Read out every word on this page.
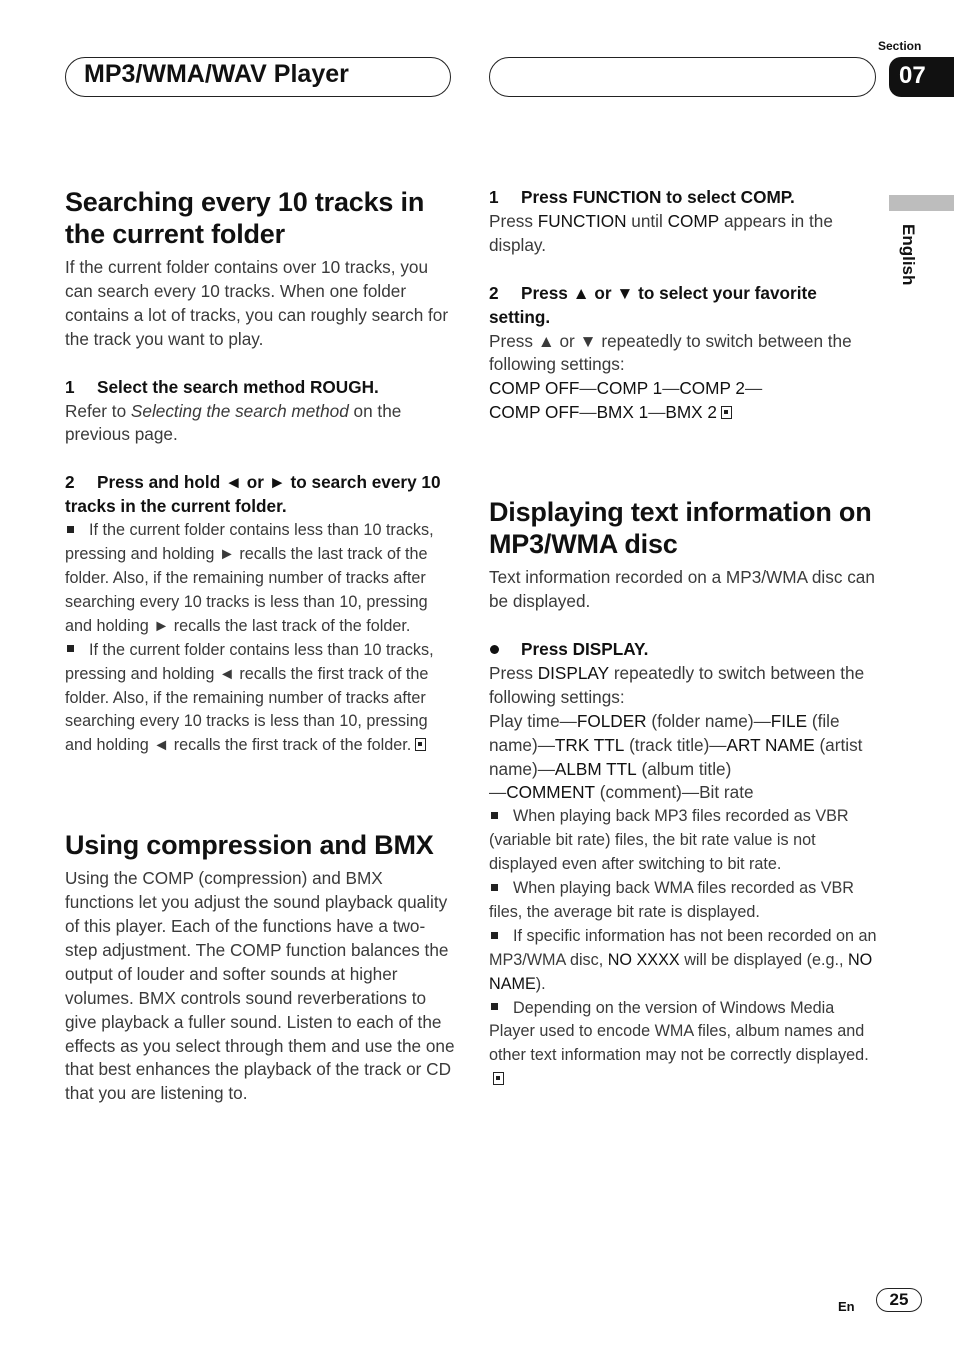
MP3/WMA/WAV Player
Section
07
English
Searching every 10 tracks in the current folder

If the current folder contains over 10 tracks, you can search every 10 tracks. When one folder contains a lot of tracks, you can roughly search for the track you want to play.

1 Select the search method ROUGH.

Refer to Selecting the search method on the previous page.

2 Press and hold ◄ or ► to search every 10 tracks in the current folder.

If the current folder contains less than 10 tracks, pressing and holding ► recalls the last track of the folder. Also, if the remaining number of tracks after searching every 10 tracks is less than 10, pressing and holding ► recalls the last track of the folder.

If the current folder contains less than 10 tracks, pressing and holding ◄ recalls the first track of the folder. Also, if the remaining number of tracks after searching every 10 tracks is less than 10, pressing and holding ◄ recalls the first track of the folder.

Using compression and BMX

Using the COMP (compression) and BMX functions let you adjust the sound playback quality of this player. Each of the functions have a two-step adjustment. The COMP function balances the output of louder and softer sounds at higher volumes. BMX controls sound reverberations to give playback a fuller sound. Listen to each of the effects as you select through them and use the one that best enhances the playback of the track or CD that you are listening to.

1 Press FUNCTION to select COMP.

Press FUNCTION until COMP appears in the display.

2 Press ▲ or ▼ to select your favorite setting.

Press ▲ or ▼ repeatedly to switch between the following settings:

COMP OFF—COMP 1—COMP 2—

COMP OFF—BMX 1—BMX 2

Displaying text information on MP3/WMA disc

Text information recorded on a MP3/WMA disc can be displayed.

Press DISPLAY.

Press DISPLAY repeatedly to switch between the following settings:

Play time—FOLDER (folder name)—FILE (file name)—TRK TTL (track title)—ART NAME (artist name)—ALBM TTL (album title)
—COMMENT (comment)—Bit rate

When playing back MP3 files recorded as VBR (variable bit rate) files, the bit rate value is not displayed even after switching to bit rate.

When playing back WMA files recorded as VBR files, the average bit rate is displayed.

If specific information has not been recorded on an MP3/WMA disc, NO XXXX will be displayed (e.g., NO NAME).

Depending on the version of Windows Media Player used to encode WMA files, album names and other text information may not be correctly displayed.

En	25
